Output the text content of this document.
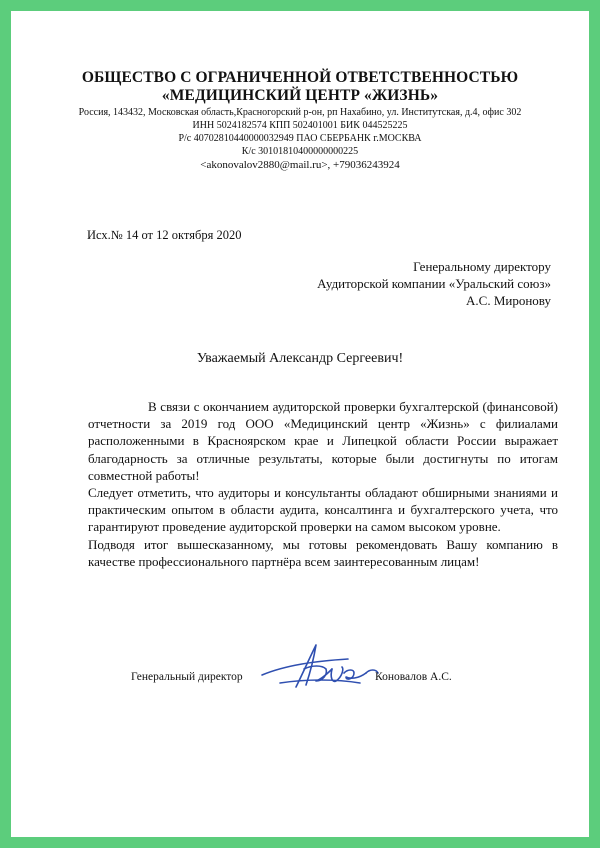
ОБЩЕСТВО С ОГРАНИЧЕННОЙ ОТВЕТСТВЕННОСТЬЮ
«МЕДИЦИНСКИЙ ЦЕНТР «ЖИЗНЬ»
Россия, 143432, Московская область,Красногорский р-он, рп Нахабино, ул. Институтская, д.4, офис 302
ИНН 5024182574 КПП 502401001 БИК 044525225
Р/с 40702810440000032949 ПАО СБЕРБАНК г.МОСКВА
К/с 30101810400000000225
<akonovalov2880@mail.ru>, +79036243924
Исх.№ 14 от 12 октября 2020
Генеральному директору
Аудиторской компании «Уральский союз»
А.С. Миронову
Уважаемый Александр Сергеевич!

В связи с окончанием аудиторской проверки бухгалтерской (финансовой) отчетности за 2019 год ООО «Медицинский центр «Жизнь» с филиалами расположенными в Красноярском крае и Липецкой области России выражает благодарность за отличные результаты, которые были достигнуты по итогам совместной работы!

Следует отметить, что аудиторы и консультанты обладают обширными знаниями и практическим опытом в области аудита, консалтинга и бухгалтерского учета, что гарантируют проведение аудиторской проверки на самом высоком уровне.

Подводя итог вышесказанному, мы готовы рекомендовать Вашу компанию в качестве профессионального партнёра всем заинтересованным лицам!

Генеральный директор	Коновалов А.С.
